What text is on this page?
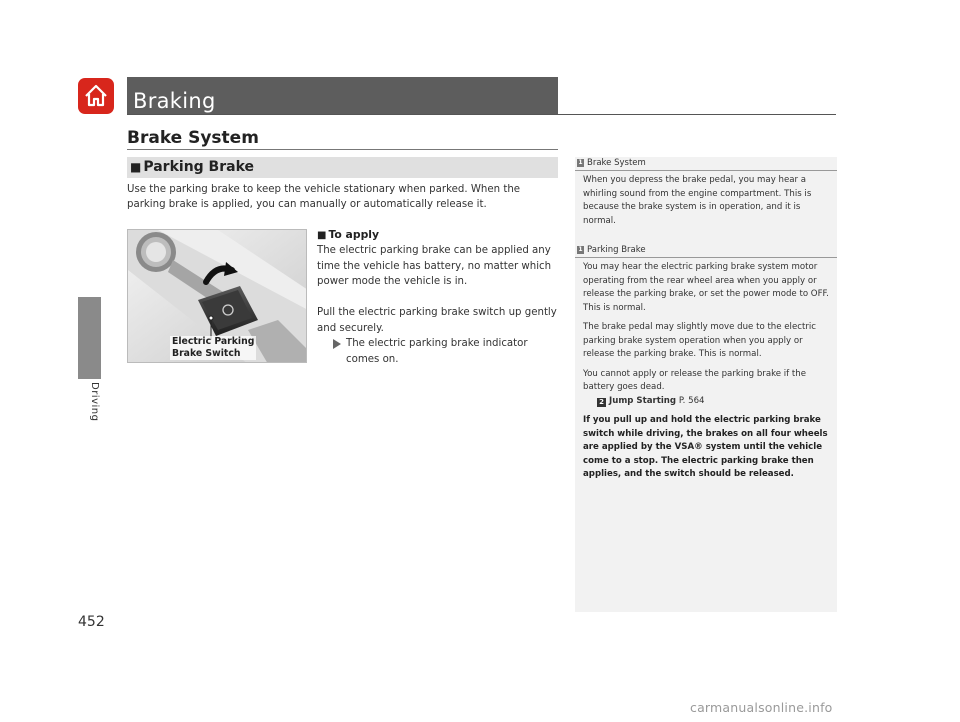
Braking
Driving
452
Brake System
■ Parking Brake
Use the parking brake to keep the vehicle stationary when parked. When the parking brake is applied, you can manually or automatically release it.
Electric Parking
Brake Switch
■ To apply
The electric parking brake can be applied any time the vehicle has battery, no matter which power mode the vehicle is in.
Pull the electric parking brake switch up gently and securely.
The electric parking brake indicator comes on.
1 Brake System

When you depress the brake pedal, you may hear a whirling sound from the engine compartment. This is because the brake system is in operation, and it is normal.

1 Parking Brake

You may hear the electric parking brake system motor operating from the rear wheel area when you apply or release the parking brake, or set the power mode to OFF. This is normal.

The brake pedal may slightly move due to the electric parking brake system operation when you apply or release the parking brake. This is normal.

You cannot apply or release the parking brake if the battery goes dead.

2 Jump Starting P. 564

If you pull up and hold the electric parking brake switch while driving, the brakes on all four wheels are applied by the VSA® system until the vehicle come to a stop. The electric parking brake then applies, and the switch should be released.

carmanualsonline.info
